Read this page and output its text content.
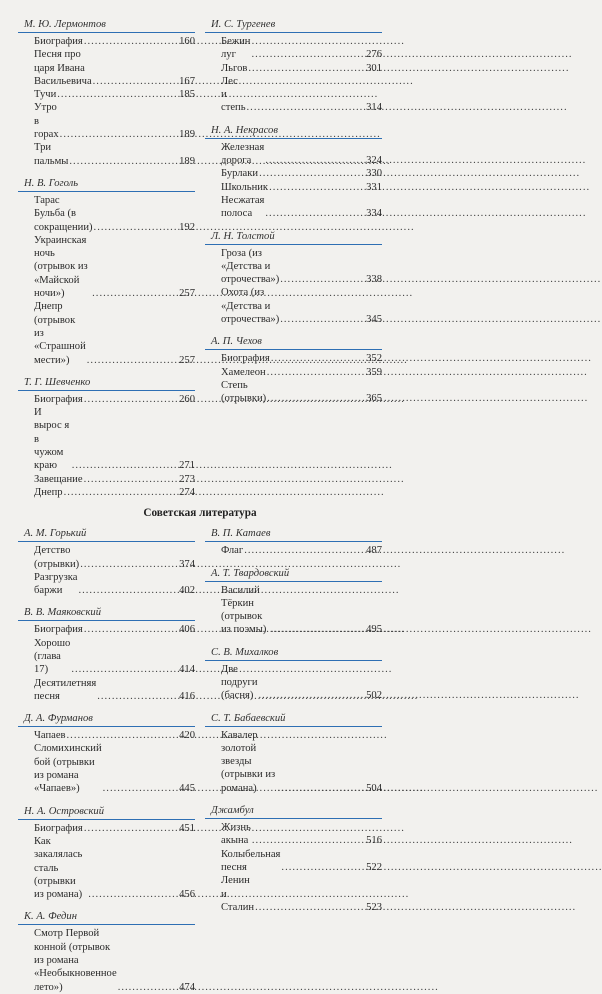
М. Ю. Лермонтов
Биография .....	160
Песня про царя Ивана Васильевича .....	167
Тучи .....	185
Утро в горах .....	189
Три пальмы .....	189
Н. В. Гоголь
Тарас Бульба (в сокращении) .....	192
Украинская ночь (отрывок из «Майской ночи») .....	257
Днепр (отрывок из «Страшной мести») .....	257
Т. Г. Шевченко
Биография .....	260
И вырос я в чужом краю .....	271
Завещание .....	273
Днепр .....	274
И. С. Тургенев
Бежин луг .....	276
Льгов .....	301
Лес и степь .....	314
Н. А. Некрасов
Железная дорога .....	324
Бурлаки .....	330
Школьник .....	331
Несжатая полоса .....	334
Л. Н. Толстой
Гроза (из «Детства и отрочества») .....	338
Охота (из «Детства и отрочества») .....	345
А. П. Чехов
Биография .....	352
Хамелеон .....	359
Степь (отрывки) .....	365
Советская литература
А. М. Горький
Детство (отрывки) .....	374
Разгрузка баржи .....	402
В. В. Маяковский
Биография .....	406
Хорошо (глава 17) .....	414
Десятилетняя песня .....	416
Д. А. Фурманов
Чапаев .....	420
Сломихинский бой (отрывки из романа «Чапаев») .....	445
Н. А. Островский
Биография .....	451
Как закалялась сталь (отрывки из романа) .....	456
К. А. Федин
Смотр Первой конной (отрывок из романа «Необыкновенное лето») .....	474
В. П. Катаев
Флаг .....	487
А. Т. Твардовский
Василий Тёркин (отрывок из поэмы) .....	495
С. В. Михалков
Две подруги (басня) .....	502
С. Т. Бабаевский
Кавалер золотой звезды (отрывки из романа) .....	504
Джамбул
Жизнь акына .....	516
Колыбельная песня .....	522
Ленин и Сталин .....	523
